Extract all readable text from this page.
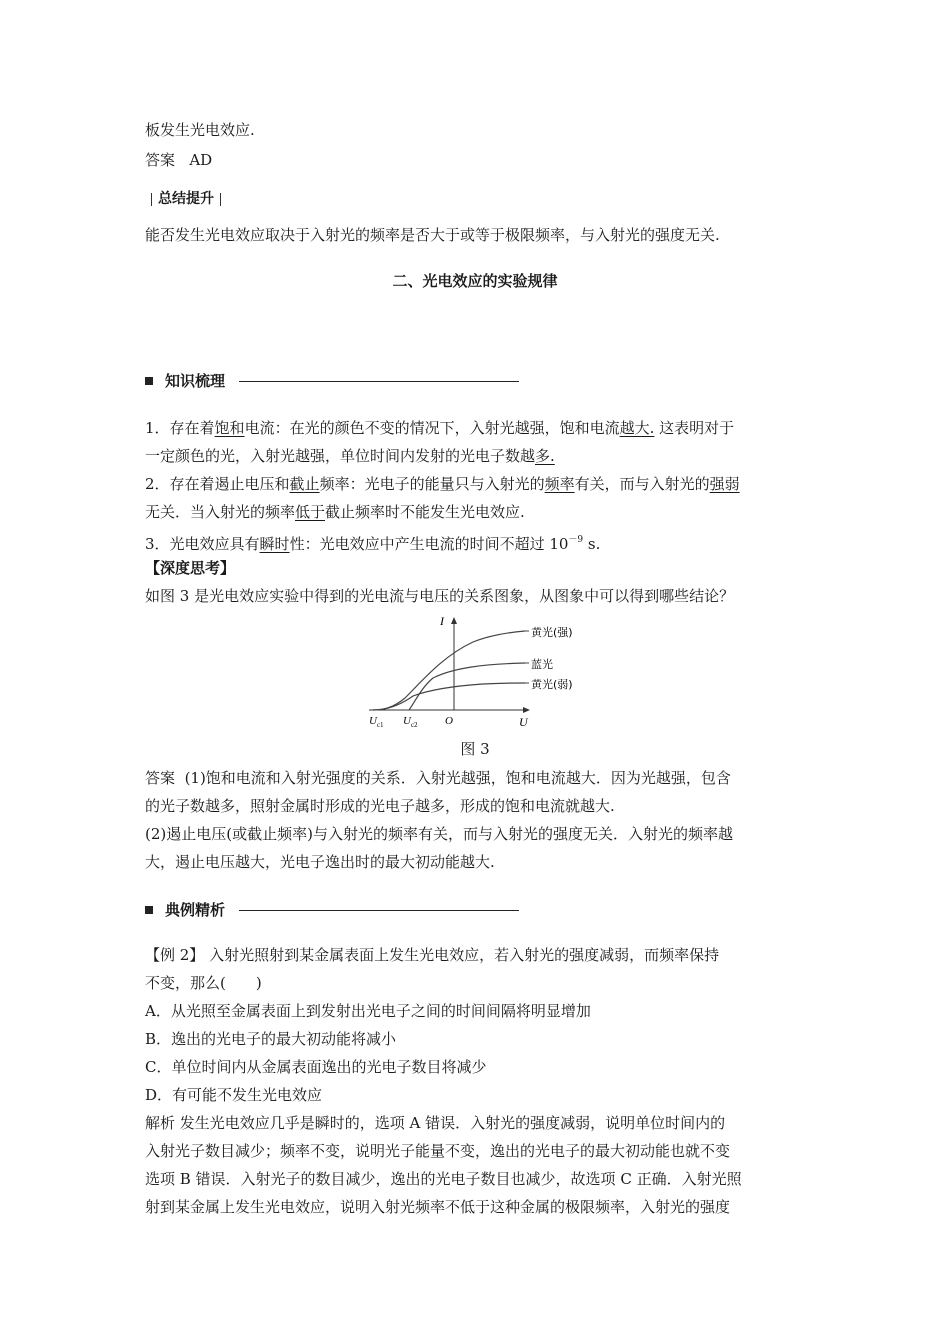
板发生光电效应.
答案 AD
总结提升
能否发生光电效应取决于入射光的频率是否大于或等于极限频率，与入射光的强度无关.
二、光电效应的实验规律
知识梳理
1．存在着饱和电流：在光的颜色不变的情况下，入射光越强，饱和电流越大. 这表明对于
一定颜色的光，入射光越强，单位时间内发射的光电子数越多.
2．存在着遏止电压和截止频率：光电子的能量只与入射光的频率有关，而与入射光的强弱
无关．当入射光的频率低于截止频率时不能发生光电效应.
3．光电效应具有瞬时性：光电效应中产生电流的时间不超过 $10^{-9}$ s.
【深度思考】
如图 3 是光电效应实验中得到的光电流与电压的关系图象，从图象中可以得到哪些结论？
I
U
O
$U_{c1}$ $U_{c2}$
黄光(强)
蓝光
黄光(弱)
图 3
答案 (1)饱和电流和入射光强度的关系．入射光越强，饱和电流越大．因为光越强，包含
的光子数越多，照射金属时形成的光电子越多，形成的饱和电流就越大.
(2)遏止电压(或截止频率)与入射光的频率有关，而与入射光的强度无关．入射光的频率越
大，遏止电压越大，光电子逸出时的最大初动能越大.
典例精析
【例 2】 入射光照射到某金属表面上发生光电效应，若入射光的强度减弱，而频率保持
不变，那么(　　)
A．从光照至金属表面上到发射出光电子之间的时间间隔将明显增加
B．逸出的光电子的最大初动能将减小
C．单位时间内从金属表面逸出的光电子数目将减少
D．有可能不发生光电效应
解析 发生光电效应几乎是瞬时的，选项 A 错误．入射光的强度减弱，说明单位时间内的
入射光子数目减少；频率不变，说明光子能量不变，逸出的光电子的最大初动能也就不变
选项 B 错误．入射光子的数目减少，逸出的光电子数目也减少，故选项 C 正确．入射光照
射到某金属上发生光电效应，说明入射光频率不低于这种金属的极限频率，入射光的强度
